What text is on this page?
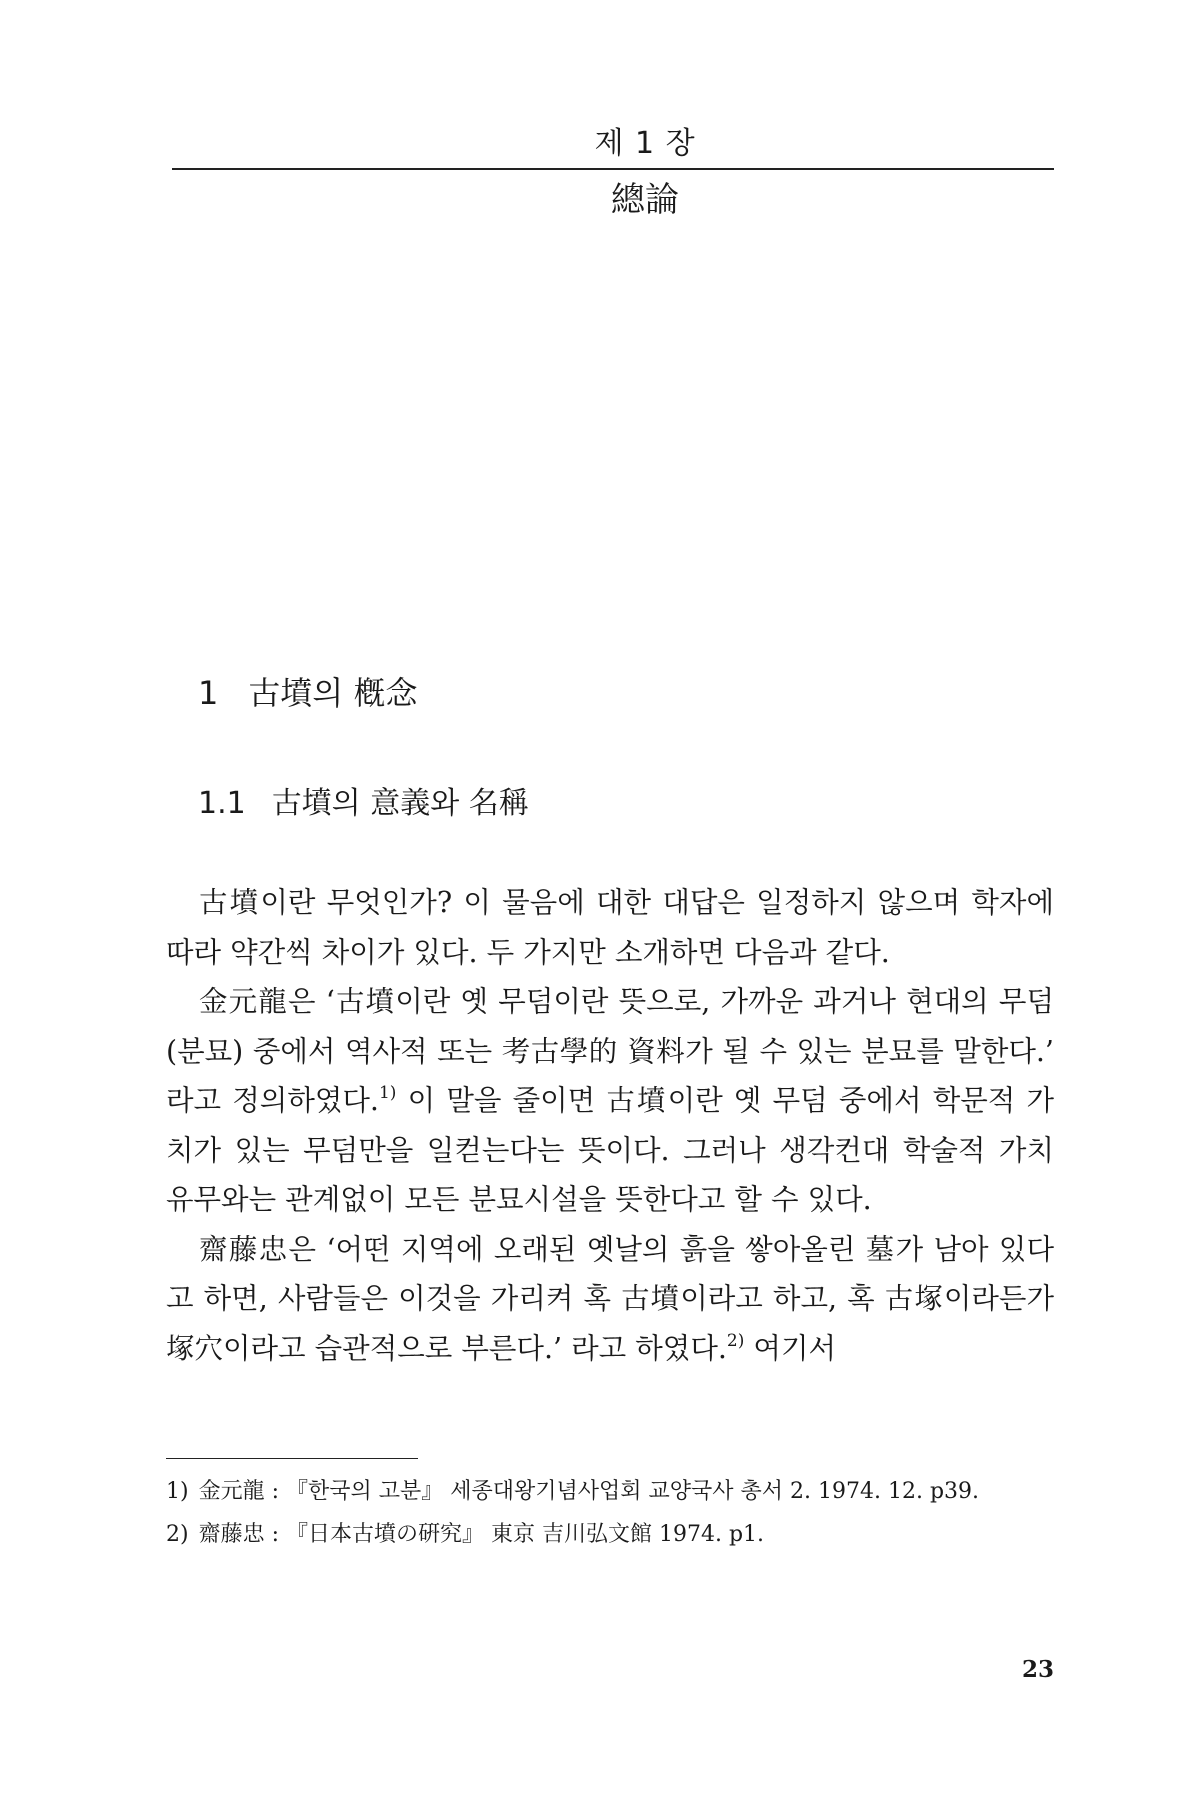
제 1 장
總論
1 古墳의 槪念
1.1 古墳의 意義와 名稱

古墳이란 무엇인가? 이 물음에 대한 대답은 일정하지 않으며 학자에 따라 약간씩 차이가 있다. 두 가지만 소개하면 다음과 같다.

金元龍은 ‘古墳이란 옛 무덤이란 뜻으로, 가까운 과거나 현대의 무덤(분묘) 중에서 역사적 또는 考古學的 資料가 될 수 있는 분묘를 말한다.’ 라고 정의하였다.$^{1)}$ 이 말을 줄이면 古墳이란 옛 무덤 중에서 학문적 가치가 있는 무덤만을 일컫는다는 뜻이다. 그러나 생각컨대 학술적 가치 유무와는 관계없이 모든 분묘시설을 뜻한다고 할 수 있다.

齋藤忠은 ‘어떤 지역에 오래된 옛날의 흙을 쌓아올린 墓가 남아 있다고 하면, 사람들은 이것을 가리켜 혹 古墳이라고 하고, 혹 古塚이라든가 塚穴이라고 습관적으로 부른다.’ 라고 하였다.$^{2)}$ 여기서

1) 金元龍 : 『한국의 고분』 세종대왕기념사업회 교양국사 총서 2. 1974. 12. p39.
2) 齋藤忠 : 『日本古墳の硏究』 東京 吉川弘文館 1974. p1.
23
